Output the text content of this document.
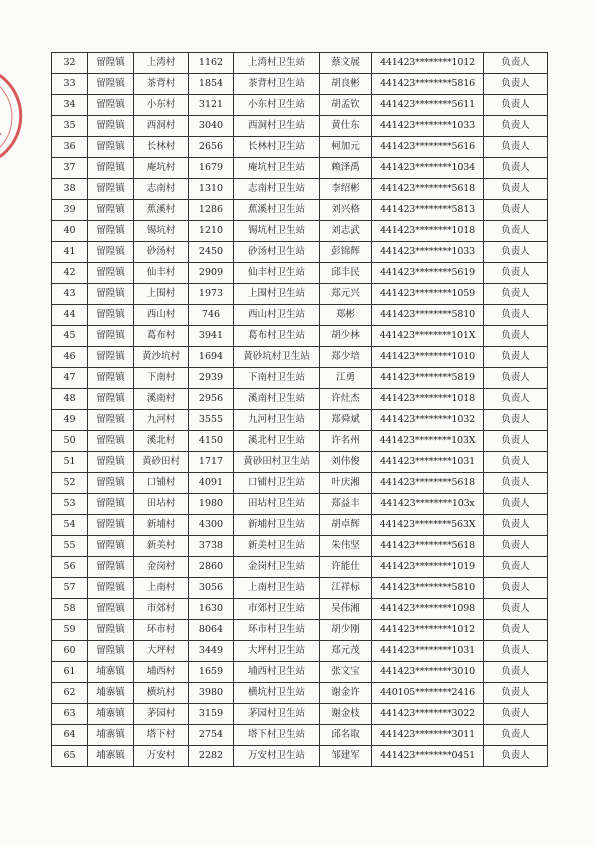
32	留隍镇	上湾村	1162	上湾村卫生站	蔡文展	441423********1012	负责人
33	留隍镇	茶背村	1854	茶背村卫生站	胡良彬	441423********5816	负责人
34	留隍镇	小东村	3121	小东村卫生站	胡孟钦	441423********5611	负责人
35	留隍镇	西洞村	3040	西洞村卫生站	黄仕东	441423********1033	负责人
36	留隍镇	长林村	2656	长林村卫生站	柯加元	441423********5616	负责人
37	留隍镇	庵坑村	1679	庵坑村卫生站	赖泽禹	441423********1034	负责人
38	留隍镇	志南村	1310	志南村卫生站	李绍彬	441423********5618	负责人
39	留隍镇	蕉溪村	1286	蕉溪村卫生站	刘兴格	441423********5813	负责人
40	留隍镇	锡坑村	1210	锡坑村卫生站	刘志武	441423********1018	负责人
41	留隍镇	砂汤村	2450	砂汤村卫生站	彭锦辉	441423********1033	负责人
42	留隍镇	仙丰村	2909	仙丰村卫生站	邱丰民	441423********5619	负责人
43	留隍镇	上围村	1973	上围村卫生站	郑元兴	441423********1059	负责人
44	留隍镇	西山村	746	西山村卫生站	郑彬	441423********5810	负责人
45	留隍镇	葛布村	3941	葛布村卫生站	胡少林	441423********101X	负责人
46	留隍镇	黄沙坑村	1694	黄砂坑村卫生站	郑少培	441423********1010	负责人
47	留隍镇	下南村	2939	下南村卫生站	江勇	441423********5819	负责人
48	留隍镇	溪南村	2956	溪南村卫生站	许灶杰	441423********1018	负责人
49	留隍镇	九河村	3555	九河村卫生站	郑舜斌	441423********1032	负责人
50	留隍镇	溪北村	4150	溪北村卫生站	许名州	441423********103X	负责人
51	留隍镇	黄砂田村	1717	黄砂田村卫生站	刘伟俊	441423********1031	负责人
52	留隍镇	口铺村	4091	口铺村卫生站	叶庆湘	441423********5618	负责人
53	留隍镇	田坫村	1980	田坫村卫生站	郑益丰	441423********103x	负责人
54	留隍镇	新埔村	4300	新埔村卫生站	胡卓辉	441423********563X	负责人
55	留隍镇	新美村	3738	新美村卫生站	朱伟坚	441423********5618	负责人
56	留隍镇	金岗村	2860	金岗村卫生站	许能仕	441423********1019	负责人
57	留隍镇	上南村	3056	上南村卫生站	江祥标	441423********5810	负责人
58	留隍镇	市郊村	1630	市郊村卫生站	吴伟湘	441423********1098	负责人
59	留隍镇	环市村	8064	环市村卫生站	胡少刚	441423********1012	负责人
60	留隍镇	大坪村	3449	大坪村卫生站	郑元茂	441423********1031	负责人
61	埔寨镇	埔西村	1659	埔西村卫生站	张文宝	441423********3010	负责人
62	埔寨镇	横坑村	3980	横坑村卫生站	谢金许	440105********2416	负责人
63	埔寨镇	茅园村	3159	茅园村卫生站	谢金枝	441423********3022	负责人
64	埔寨镇	塔下村	2754	塔下村卫生站	邱名取	441423********3011	负责人
65	埔寨镇	万安村	2282	万安村卫生站	邹建军	441423********0451	负责人
